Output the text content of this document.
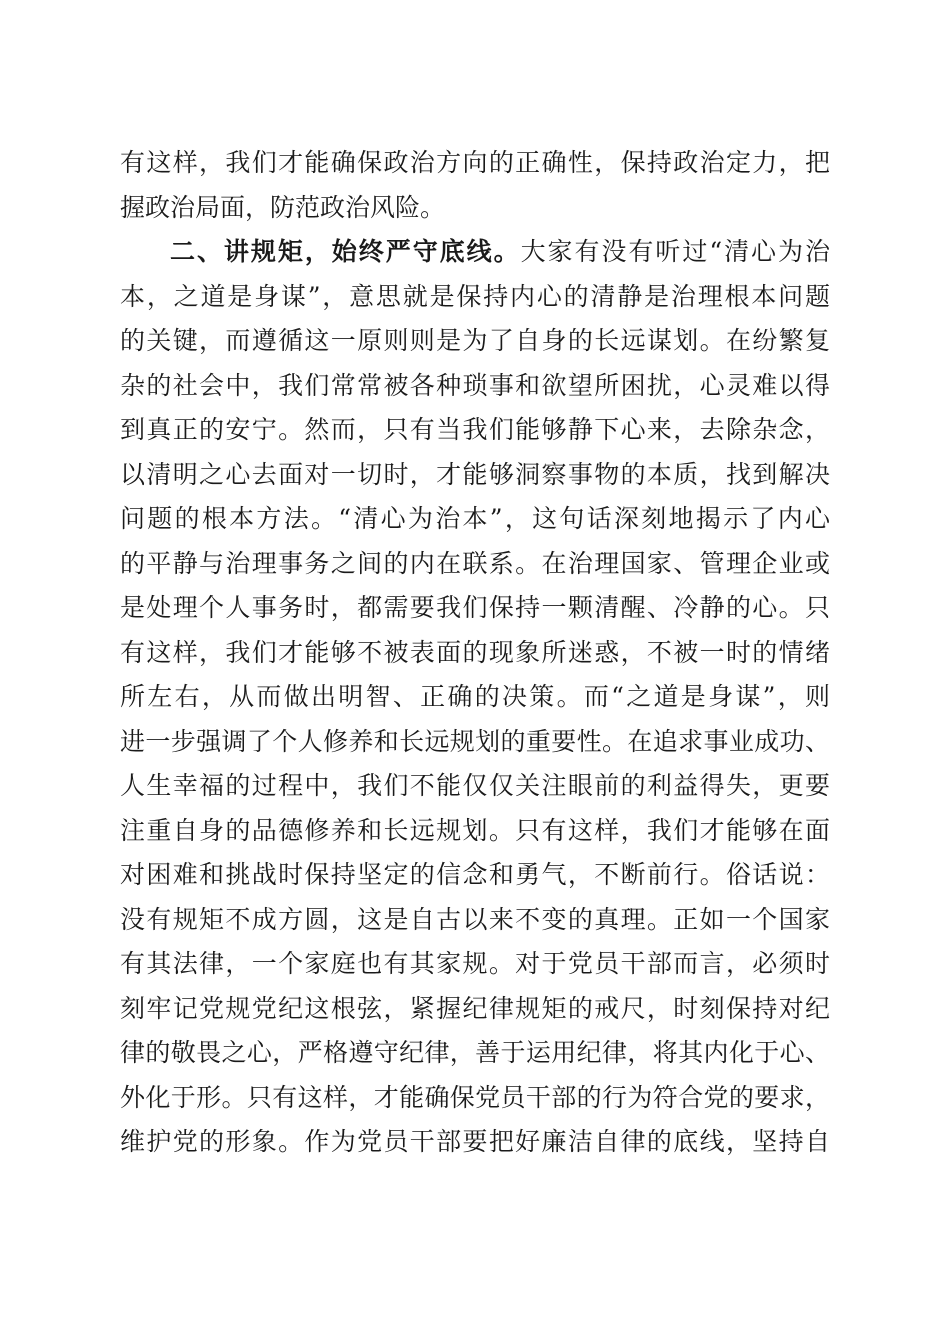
有这样，我们才能确保政治方向的正确性，保持政治定力，把
握政治局面，防范政治风险。
二、讲规矩，始终严守底线。大家有没有听过“清心为治
本，之道是身谋”，意思就是保持内心的清静是治理根本问题
的关键，而遵循这一原则则是为了自身的长远谋划。在纷繁复
杂的社会中，我们常常被各种琐事和欲望所困扰，心灵难以得
到真正的安宁。然而，只有当我们能够静下心来，去除杂念，
以清明之心去面对一切时，才能够洞察事物的本质，找到解决
问题的根本方法。“清心为治本”，这句话深刻地揭示了内心
的平静与治理事务之间的内在联系。在治理国家、管理企业或
是处理个人事务时，都需要我们保持一颗清醒、冷静的心。只
有这样，我们才能够不被表面的现象所迷惑，不被一时的情绪
所左右，从而做出明智、正确的决策。而“之道是身谋”，则
进一步强调了个人修养和长远规划的重要性。在追求事业成功、
人生幸福的过程中，我们不能仅仅关注眼前的利益得失，更要
注重自身的品德修养和长远规划。只有这样，我们才能够在面
对困难和挑战时保持坚定的信念和勇气，不断前行。俗话说：
没有规矩不成方圆，这是自古以来不变的真理。正如一个国家
有其法律，一个家庭也有其家规。对于党员干部而言，必须时
刻牢记党规党纪这根弦，紧握纪律规矩的戒尺，时刻保持对纪
律的敬畏之心，严格遵守纪律，善于运用纪律，将其内化于心、
外化于形。只有这样，才能确保党员干部的行为符合党的要求，
维护党的形象。作为党员干部要把好廉洁自律的底线，坚持自
